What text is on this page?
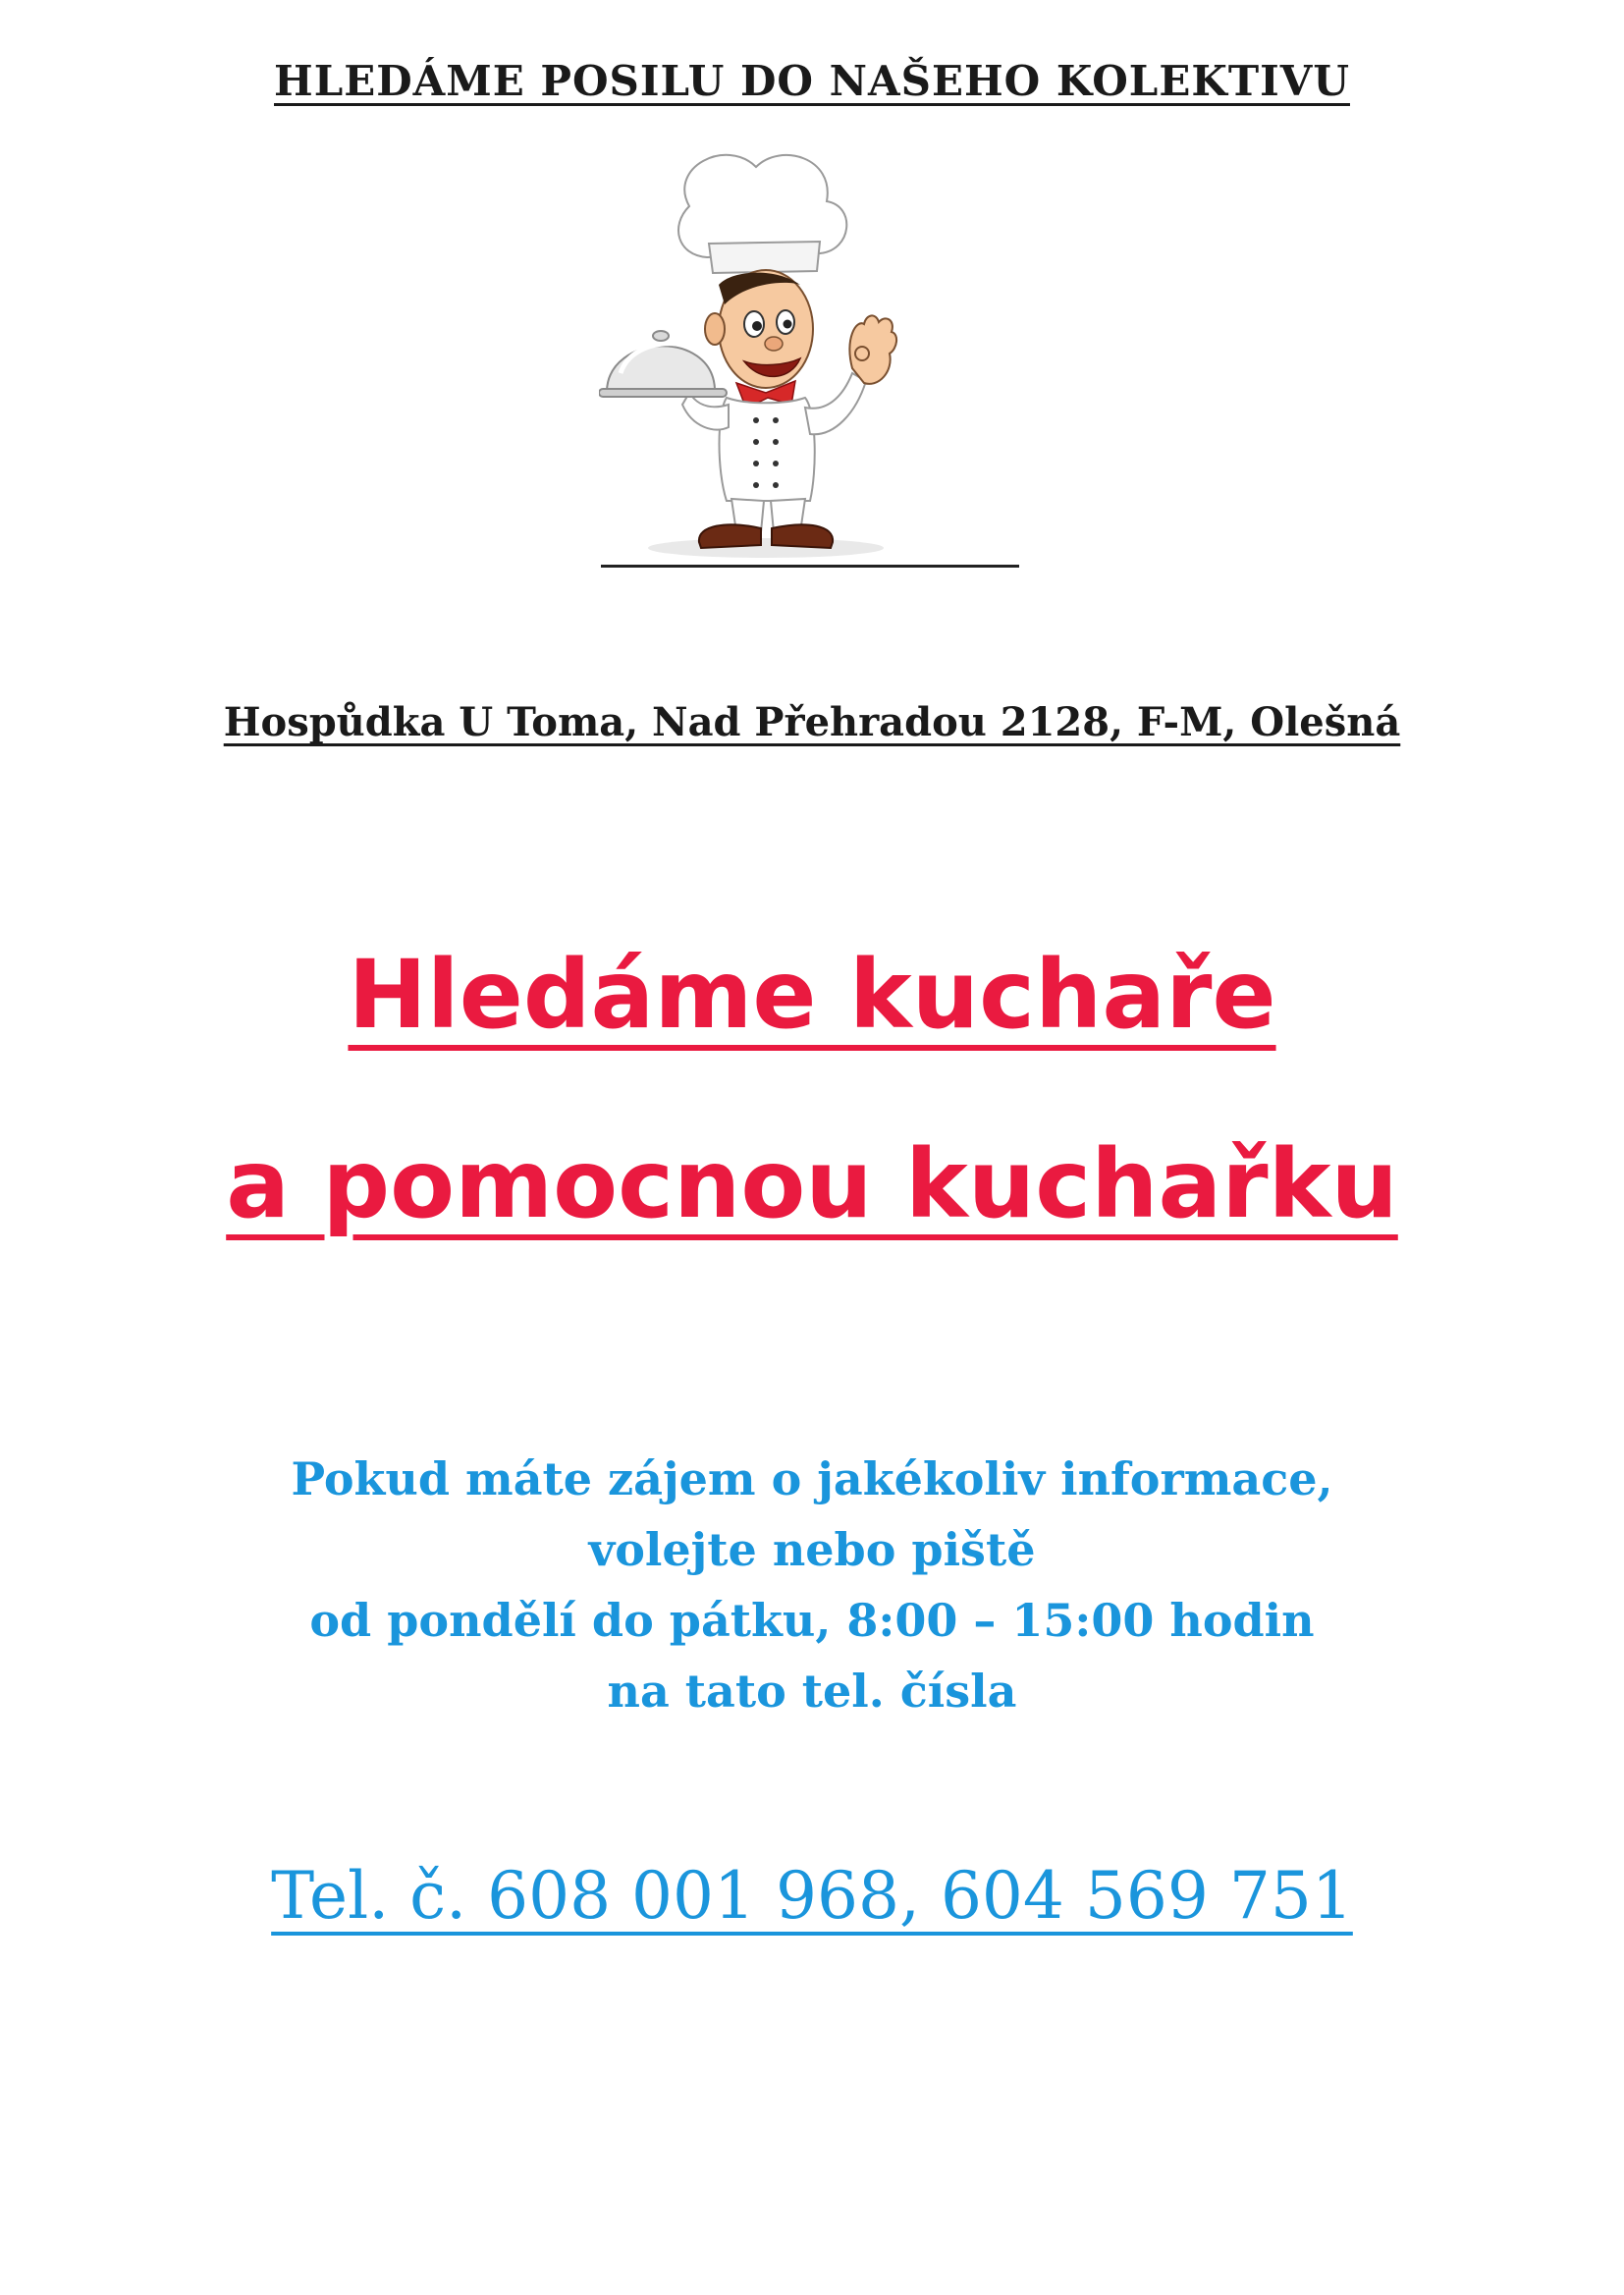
HLEDÁME POSILU DO NAŠEHO KOLEKTIVU
Hospůdka U Toma, Nad Přehradou 2128, F-M, Olešná
Hledáme kuchaře
a pomocnou kuchařku
Pokud máte zájem o jakékoliv informace,
volejte nebo piště
od pondělí do pátku, 8:00 – 15:00 hodin
na tato tel. čísla
Tel. č. 608 001 968, 604 569 751
